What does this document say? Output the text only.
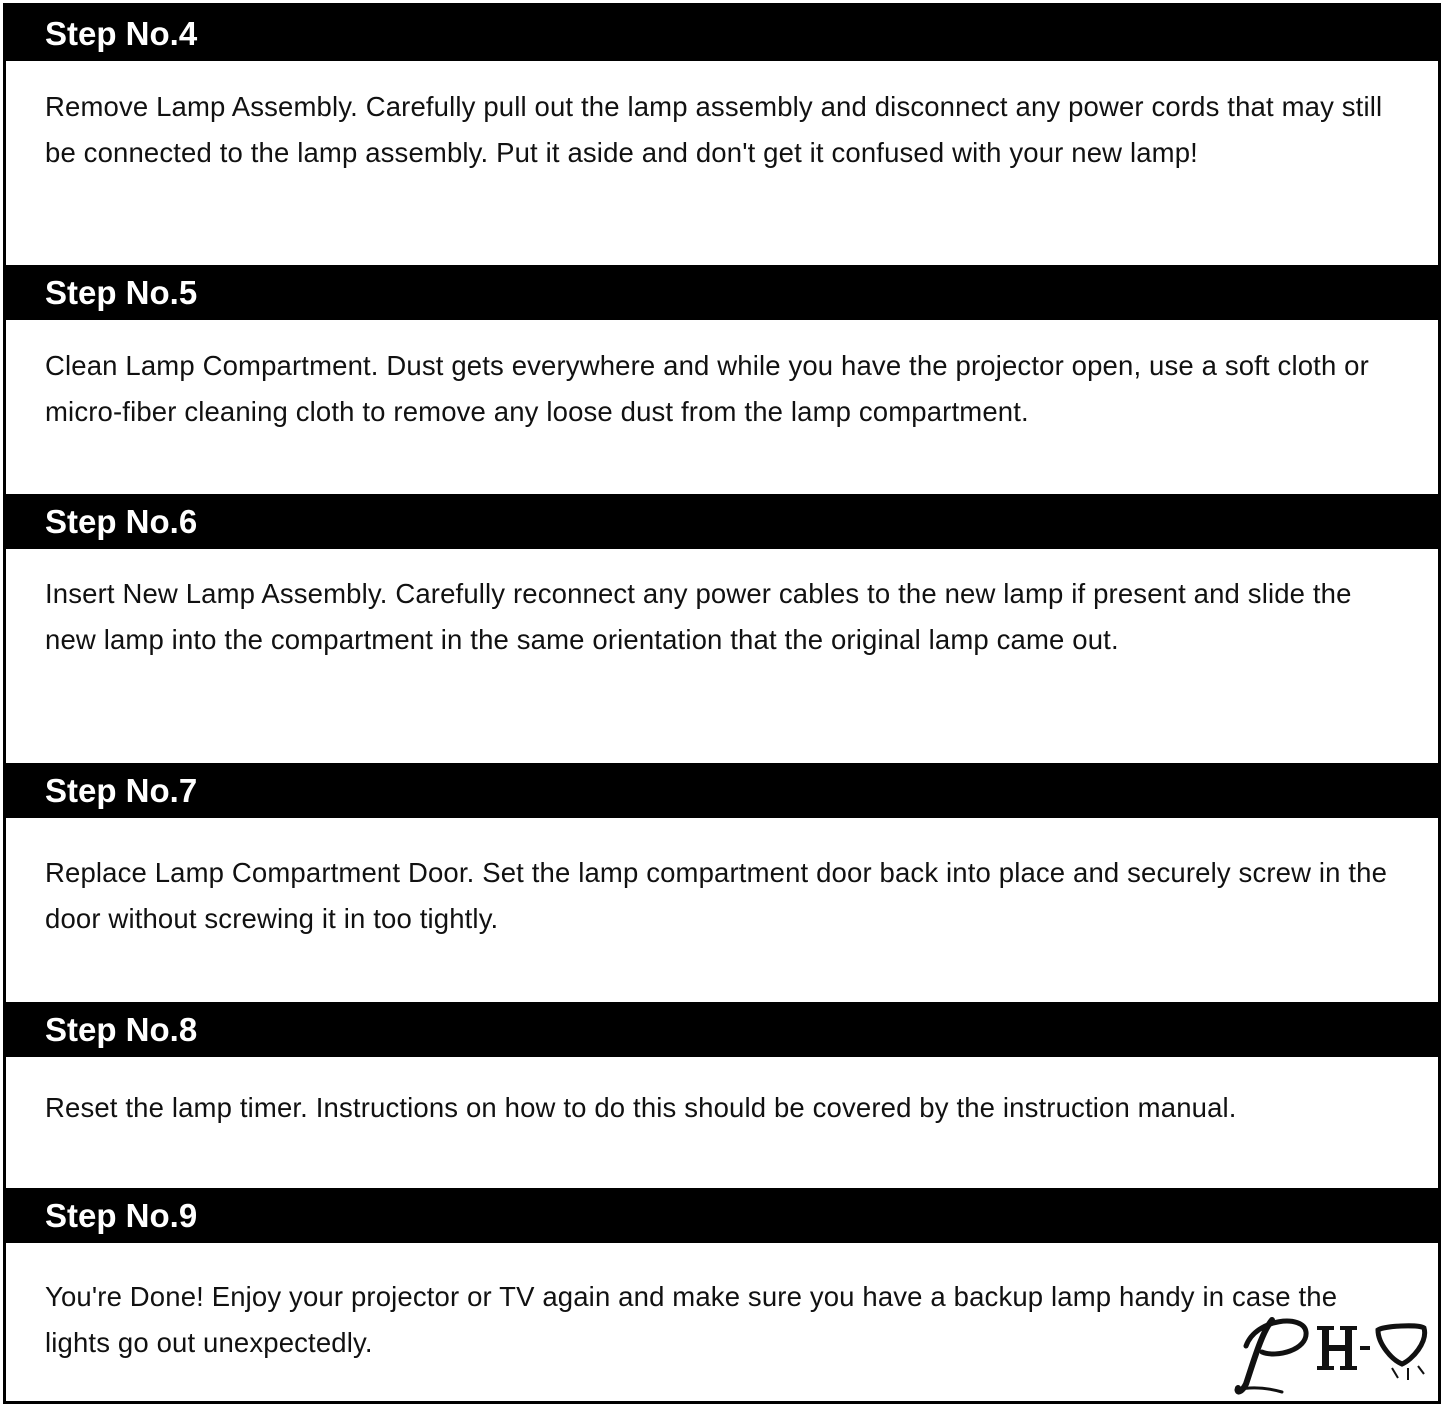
Step No.4
Remove Lamp Assembly. Carefully pull out the lamp assembly and disconnect any power cords that may still be connected to the lamp assembly. Put it aside and don't get it confused with your new lamp!
Step No.5
Clean Lamp Compartment. Dust gets everywhere and while you have the projector open, use a soft cloth or micro-fiber cleaning cloth to remove any loose dust from the lamp compartment.
Step No.6
Insert New Lamp Assembly. Carefully reconnect any power cables to the new lamp if present and slide the new lamp into the compartment in the same orientation that the original lamp came out.
Step No.7
Replace Lamp Compartment Door. Set the lamp compartment door back into place and securely screw in the door without screwing it in too tightly.
Step No.8
Reset the lamp timer. Instructions on how to do this should be covered by the instruction manual.
Step No.9
You're Done! Enjoy your projector or TV again and make sure you have a backup lamp handy in case the lights go out unexpectedly.
